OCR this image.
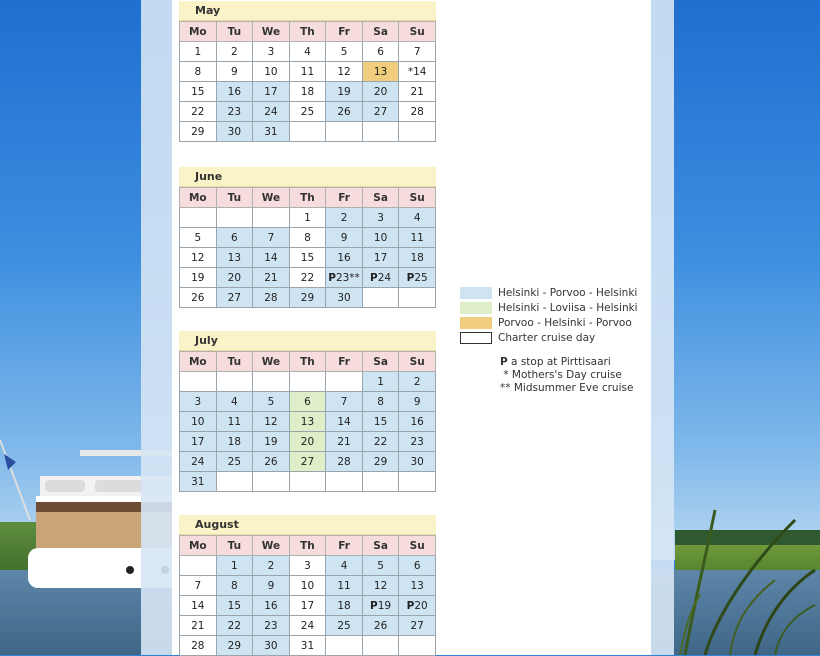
May
Mo	Tu	We	Th	Fr	Sa	Su
1	2	3	4	5	6	7
8	9	10	11	12	13	*14
15	16	17	18	19	20	21
22	23	24	25	26	27	28
29	30	31				
June
Mo	Tu	We	Th	Fr	Sa	Su
			1	2	3	4
5	6	7	8	9	10	11
12	13	14	15	16	17	18
19	20	21	22	P23**	P24	P25
26	27	28	29	30		
July
Mo	Tu	We	Th	Fr	Sa	Su
					1	2
3	4	5	6	7	8	9
10	11	12	13	14	15	16
17	18	19	20	21	22	23
24	25	26	27	28	29	30
31						
August
Mo	Tu	We	Th	Fr	Sa	Su
	1	2	3	4	5	6
7	8	9	10	11	12	13
14	15	16	17	18	P19	P20
21	22	23	24	25	26	27
28	29	30	31			
Helsinki - Porvoo - Helsinki
Helsinki - Loviisa - Helsinki
Porvoo - Helsinki - Porvoo
Charter cruise day
P a stop at Pirttisaari
* Mothers's Day cruise
** Midsummer Eve cruise
